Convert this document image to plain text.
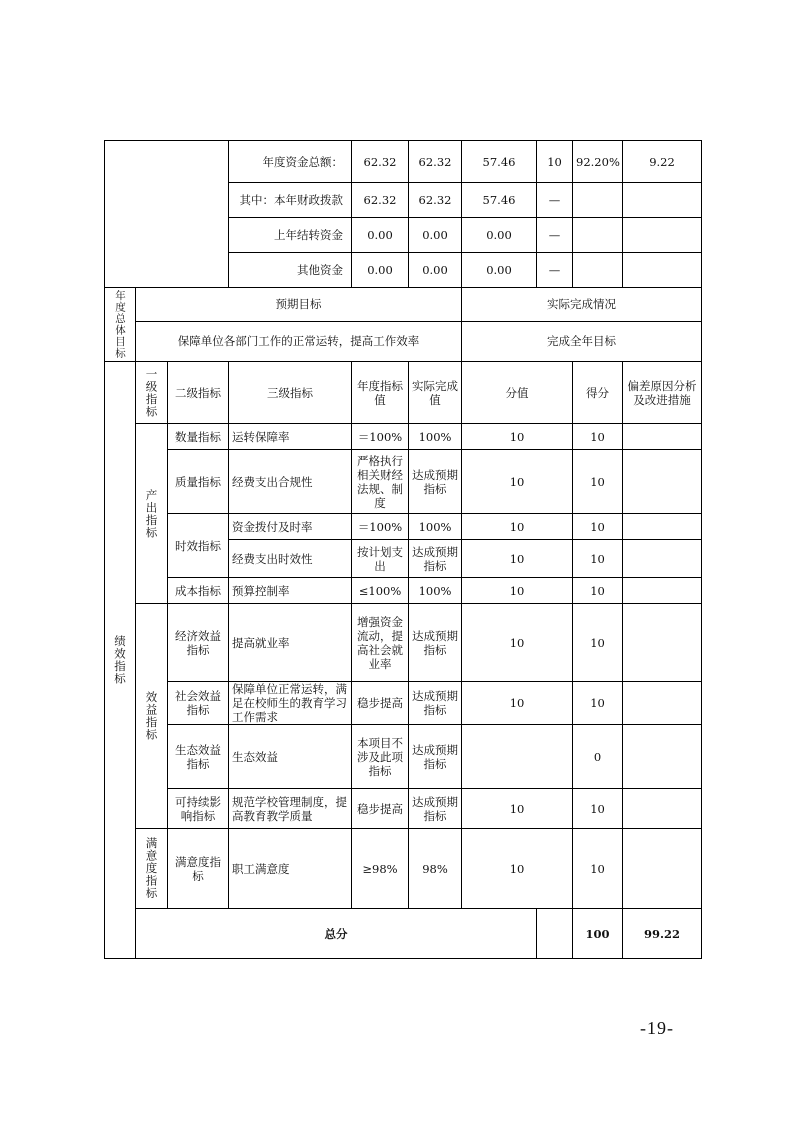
			年度资金总额：	62.32	62.32	57.46	10	92.20%	9.22	
			其中：本年财政拨款	62.32	62.32	57.46	—			
			上年结转资金	0.00	0.00	0.00	—			
			其他资金	0.00	0.00	0.00	—			
年度总体目标	预期目标					实际完成情况				
	保障单位各部门工作的正常运转，提高工作效率					完成全年目标				
绩效指标	一级指标	二级指标	三级指标	年度指标值	实际完成值	分值		得分	偏差原因分析及改进措施	
	产出指标	数量指标	运转保障率	＝100%	100%	10		10		
		质量指标	经费支出合规性	严格执行相关财经法规、制度	达成预期指标	10		10		
		时效指标	资金拨付及时率	＝100%	100%	10		10		
			经费支出时效性	按计划支出	达成预期指标	10		10		
		成本指标	预算控制率	≤100%	100%	10		10		
	效益指标	经济效益指标	提高就业率	增强资金流动，提高社会就业率	达成预期指标	10		10		
		社会效益指标	保障单位正常运转，满足在校师生的教育学习工作需求	稳步提高	达成预期指标	10		10		
		生态效益指标	生态效益	本项目不涉及此项指标	达成预期指标			0		
		可持续影响指标	规范学校管理制度，提高教育教学质量	稳步提高	达成预期指标	10		10		
	满意度指标	满意度指标	职工满意度	≥98%	98%	10		10		
	总分							100	99.22	
-19-
